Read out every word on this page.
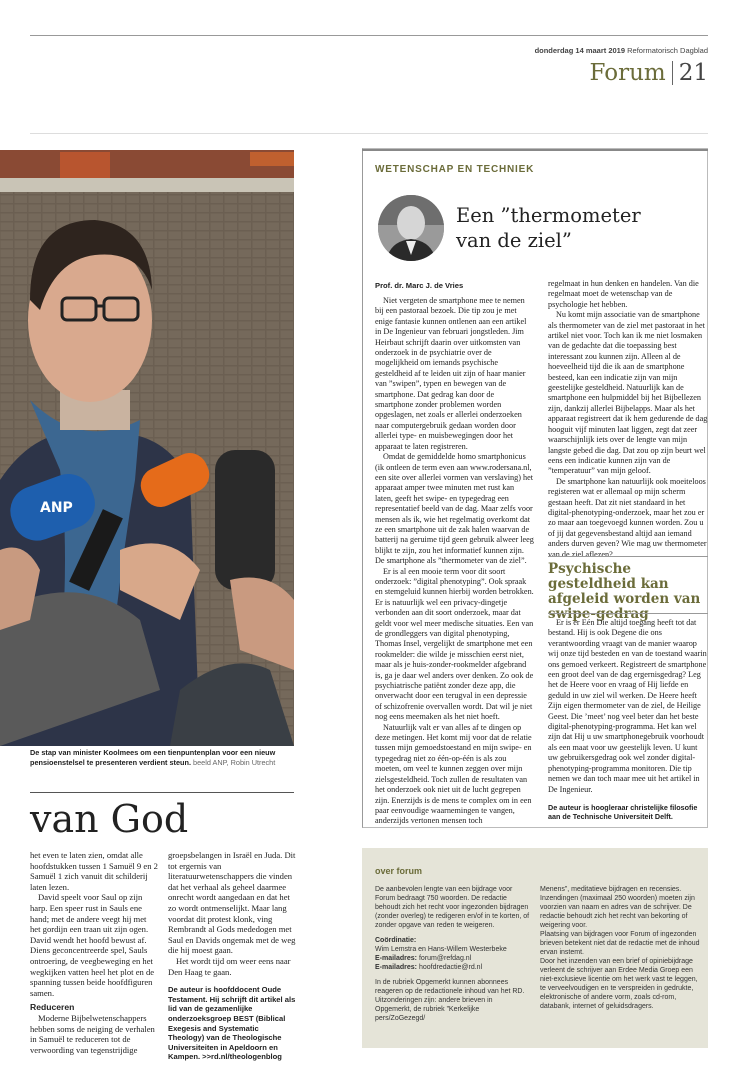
donderdag 14 maart 2019 Reformatorisch Dagblad
Forum 21
ANP
De stap van minister Koolmees om een tienpuntenplan voor een nieuw pensioenstelsel te presenteren verdient steun. beeld ANP, Robin Utrecht
van God

het even te laten zien, omdat alle hoofdstukken tussen 1 Samuël 9 en 2 Samuël 1 zich vanuit dit schilderij laten lezen.

David speelt voor Saul op zijn harp. Een speer rust in Sauls ene hand; met de andere veegt hij met het gordijn een traan uit zijn ogen. David wendt het hoofd bewust af. Diens geconcentreerde spel, Sauls ontroering, de veegbeweging en het wegkijken vatten heel het plot en de spanning tussen beide hoofdfiguren samen.

Reduceren

Moderne Bijbelwetenschappers hebben soms de neiging de verhalen in Samuël te reduceren tot de verwoording van tegenstrijdige

groepsbelangen in Israël en Juda. Dit tot ergernis van literatuurwetenschappers die vinden dat het verhaal als geheel daarmee onrecht wordt aangedaan en dat het zo wordt ontmenselijkt. Maar lang voordat dit protest klonk, ving Rembrandt al Gods mededogen met Saul en Davids ongemak met de weg die hij moest gaan.

Het wordt tijd om weer eens naar Den Haag te gaan.

De auteur is hoofddocent Oude Testament. Hij schrijft dit artikel als lid van de gezamenlijke onderzoeksgroep BEST (Biblical Exegesis and Systematic Theology) van de Theologische Universiteiten in Apeldoorn en Kampen. >>rd.nl/theologenblog
WETENSCHAP EN TECHNIEK
Een ”thermometer
van de ziel”
Prof. dr. Marc J. de Vries

Niet vergeten de smartphone mee te nemen bij een pastoraal bezoek. Die tip zou je met enige fantasie kunnen ontlenen aan een artikel in De Ingenieur van februari jongstleden. Jim Heirbaut schrijft daarin over uitkomsten van onderzoek in de psychiatrie over de mogelijkheid om iemands psychische gesteldheid af te leiden uit zijn of haar manier van ”swipen”, typen en bewegen van de smartphone. Dat gedrag kan door de smartphone zonder problemen worden opgeslagen, net zoals er allerlei onderzoeken naar computergebruik gedaan worden door allerlei type- en muisbewegingen door het apparaat te laten registreren.

Omdat de gemiddelde homo smartphonicus (ik ontleen de term even aan www.rodersana.nl, een site over allerlei vormen van verslaving) het apparaat amper twee minuten met rust kan laten, geeft het swipe- en typegedrag een representatief beeld van de dag. Maar zelfs voor mensen als ik, wie het regelmatig overkomt dat ze een smartphone uit de zak halen waarvan de batterij na geruime tijd geen gebruik alweer leeg blijkt te zijn, zou het informatief kunnen zijn. De smartphone als ”thermometer van de ziel”.

Er is al een mooie term voor dit soort onderzoek: ”digital phenotyping”. Ook spraak en stemgeluid kunnen hierbij worden betrokken. Er is natuurlijk wel een privacy-dingetje verbonden aan dit soort onderzoek, maar dat geldt voor wel meer medische situaties. Een van de grondleggers van digital phenotyping, Thomas Insel, vergelijkt de smartphone met een rookmelder: die wilde je misschien eerst niet, maar als je huis-zonder-rookmelder afgebrand is, ga je daar wel anders over denken. Zo ook de psychiatrische patiënt zonder deze app, die onverwacht door een terugval in een depressie of schizofrenie overvallen wordt. Dat wil je niet nog eens meemaken als het niet hoeft.

Natuurlijk valt er van alles af te dingen op deze metingen. Het komt mij voor dat de relatie tussen mijn gemoedstoestand en mijn swipe- en typegedrag niet zo één-op-één is als zou moeten, om veel te kunnen zeggen over mijn zielsgesteldheid. Toch zullen de resultaten van het onderzoek ook niet uit de lucht gegrepen zijn. Enerzijds is de mens te complex om in een paar eenvoudige waarnemingen te vangen, anderzijds vertonen mensen toch

regelmaat in hun denken en handelen. Van die regelmaat moet de wetenschap van de psychologie het hebben.

Nu komt mijn associatie van de smartphone als thermometer van de ziel met pastoraat in het artikel niet voor. Toch kan ik me niet losmaken van de gedachte dat die toepassing best interessant zou kunnen zijn. Alleen al de hoeveelheid tijd die ik aan de smartphone besteed, kan een indicatie zijn van mijn geestelijke gesteldheid. Natuurlijk kan de smartphone een hulpmiddel bij het Bijbellezen zijn, dankzij allerlei Bijbelapps. Maar als het apparaat registreert dat ik hem gedurende de dag hooguit vijf minuten laat liggen, zegt dat zeer waarschijnlijk iets over de lengte van mijn langste gebed die dag. Dat zou op zijn beurt wel eens een indicatie kunnen zijn van de ”temperatuur” van mijn geloof.

De smartphone kan natuurlijk ook moeiteloos registeren wat er allemaal op mijn scherm gestaan heeft. Dat zit niet standaard in het digital-phenotyping-onderzoek, maar het zou er zo maar aan toegevoegd kunnen worden. Zou u of jij dat gegevensbestand altijd aan iemand anders durven geven? Wie mag uw thermometer van de ziel aflezen?

Psychische gesteldheid kan afgeleid worden van swipe-gedrag

Er is er Eén Die altijd toegang heeft tot dat bestand. Hij is ook Degene die ons verantwoording vraagt van de manier waarop wij onze tijd besteden en van de toestand waarin ons gemoed verkeert. Registreert de smartphone een groot deel van de dag ergernisgedrag? Leg het de Heere voor en vraag of Hij liefde en geduld in uw ziel wil werken. De Heere heeft Zijn eigen thermometer van de ziel, de Heilige Geest. Die ’meet’ nog veel beter dan het beste digital-phenotyping-programma. Het kan wel zijn dat Hij u uw smartphonegebruik voorhoudt als een maat voor uw geestelijk leven. U kunt uw gebruikersgedrag ook wel zonder digital-phenotyping-programma monitoren. Die tip nemen we dan toch maar mee uit het artikel in De Ingenieur.

De auteur is hoogleraar christelijke filosofie aan de Technische Universiteit Delft.
over forum

De aanbevolen lengte van een bijdrage voor Forum bedraagt 750 woorden. De redactie behoudt zich het recht voor ingezonden bijdragen (zonder overleg) te redigeren en/of in te korten, of zonder opgave van reden te weigeren.

Coördinatie:
Wim Lemstra en Hans-Willem Westerbeke
E-mailadres: forum@refdag.nl

E-mailadres: hoofdredactie@rd.nl

In de rubriek Opgemerkt kunnen abonnees reageren op de redactionele inhoud van het RD. Uitzonderingen zijn: andere brieven in Opgemerkt, de rubriek ”Kerkelijke pers/ZoGezegd/

Menens”, meditatieve bijdragen en recensies. Inzendingen (maximaal 250 woorden) moeten zijn voorzien van naam en adres van de schrijver. De redactie behoudt zich het recht van bekorting of weigering voor.
Plaatsing van bijdragen voor Forum of ingezonden brieven betekent niet dat de redactie met de inhoud ervan instemt.
Door het inzenden van een brief of opiniebijdrage verleent de schrijver aan Erdee Media Groep een niet-exclusieve licentie om het werk vast te leggen, te verveelvoudigen en te verspreiden in gedrukte, elektronische of andere vorm, zoals cd-rom, databank, internet of geluidsdragers.
